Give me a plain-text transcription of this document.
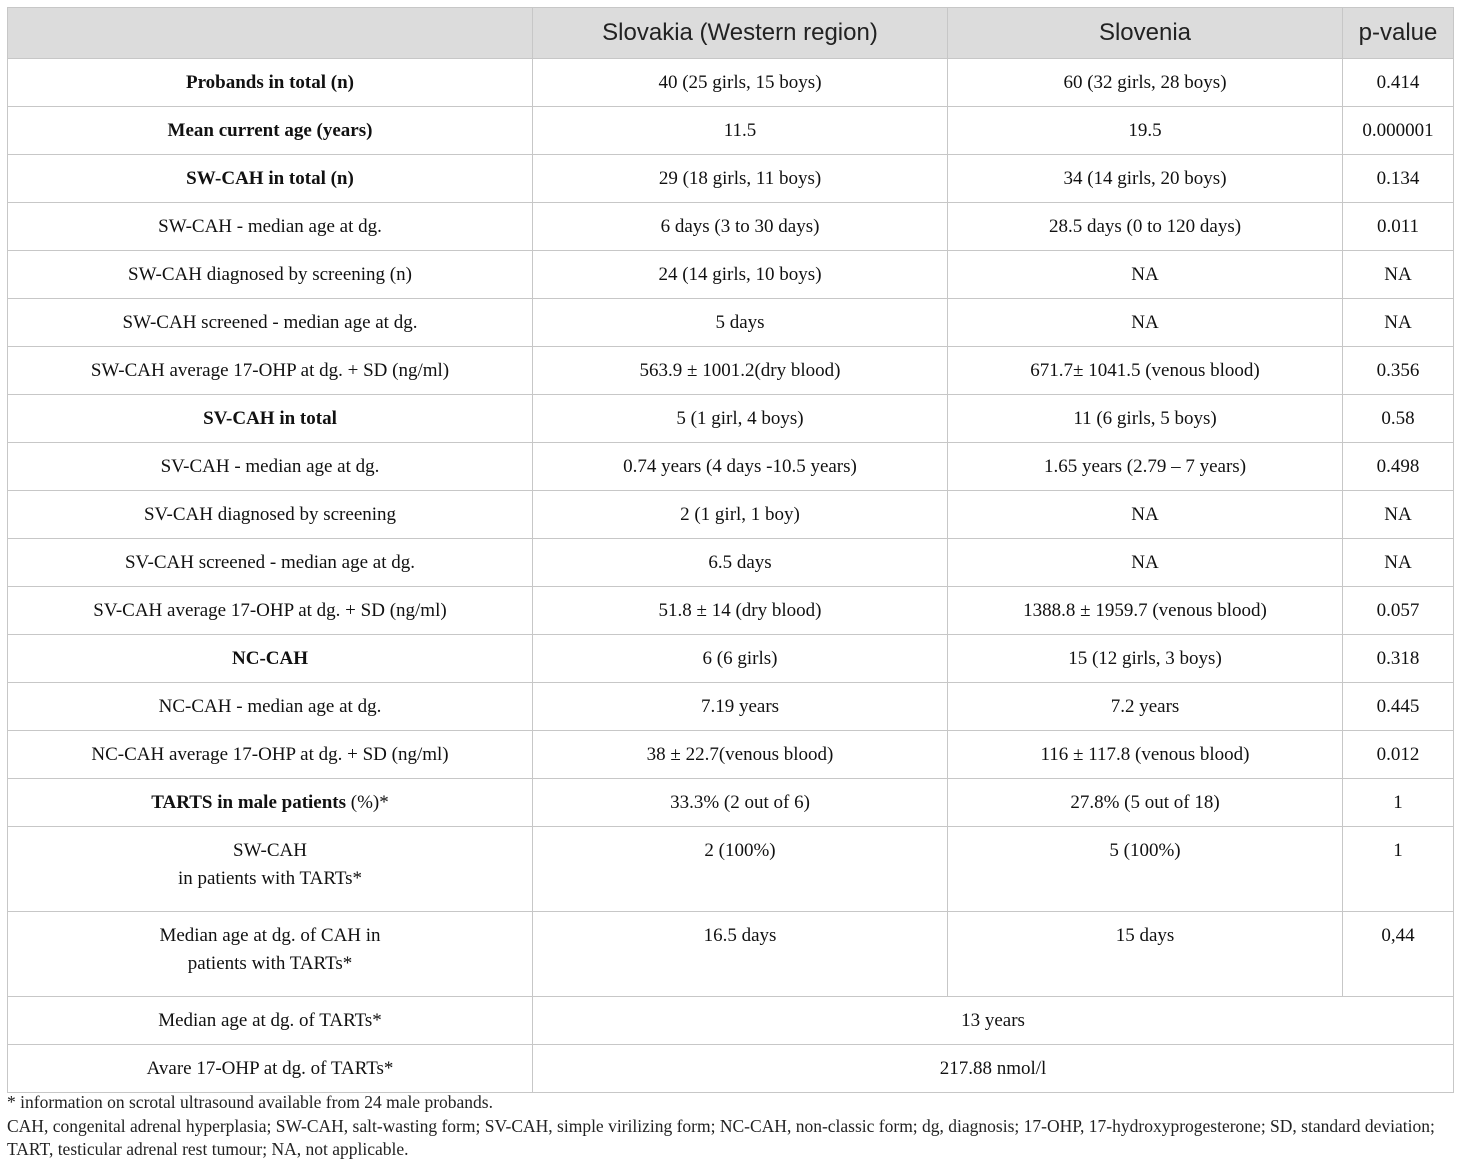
	Slovakia (Western region)	Slovenia	p-value
Probands in total (n)	40 (25 girls, 15 boys)	60 (32 girls, 28 boys)	0.414
Mean current age (years)	11.5	19.5	0.000001
SW-CAH in total (n)	29 (18 girls, 11 boys)	34 (14 girls, 20 boys)	0.134
SW-CAH - median age at dg.	6 days (3 to 30 days)	28.5 days (0 to 120 days)	0.011
SW-CAH diagnosed by screening (n)	24 (14 girls, 10 boys)	NA	NA
SW-CAH screened - median age at dg.	5 days	NA	NA
SW-CAH average 17-OHP at dg. + SD (ng/ml)	563.9 ± 1001.2(dry blood)	671.7± 1041.5 (venous blood)	0.356
SV-CAH in total	5 (1 girl, 4 boys)	11 (6 girls, 5 boys)	0.58
SV-CAH - median age at dg.	0.74 years (4 days -10.5 years)	1.65 years (2.79 – 7 years)	0.498
SV-CAH diagnosed by screening	2 (1 girl, 1 boy)	NA	NA
SV-CAH screened - median age at dg.	6.5 days	NA	NA
SV-CAH average 17-OHP at dg. + SD (ng/ml)	51.8 ± 14 (dry blood)	1388.8 ± 1959.7 (venous blood)	0.057
NC-CAH	6 (6 girls)	15 (12 girls, 3 boys)	0.318
NC-CAH - median age at dg.	7.19 years	7.2 years	0.445
NC-CAH average 17-OHP at dg. + SD (ng/ml)	38 ± 22.7(venous blood)	116 ± 117.8 (venous blood)	0.012
TARTS in male patients (%)*	33.3% (2 out of 6)	27.8% (5 out of 18)	1
SW-CAH
in patients with TARTs*	2 (100%)	5 (100%)	1
Median age at dg. of CAH in
patients with TARTs*	16.5 days	15 days	0,44
Median age at dg. of TARTs*	13 years		
Avare 17-OHP at dg. of TARTs*	217.88 nmol/l		
* information on scrotal ultrasound available from 24 male probands.
CAH, congenital adrenal hyperplasia; SW-CAH, salt-wasting form; SV-CAH, simple virilizing form; NC-CAH, non-classic form; dg, diagnosis; 17-OHP, 17-hydroxyprogesterone; SD, standard deviation; TART, testicular adrenal rest tumour; NA, not applicable.
